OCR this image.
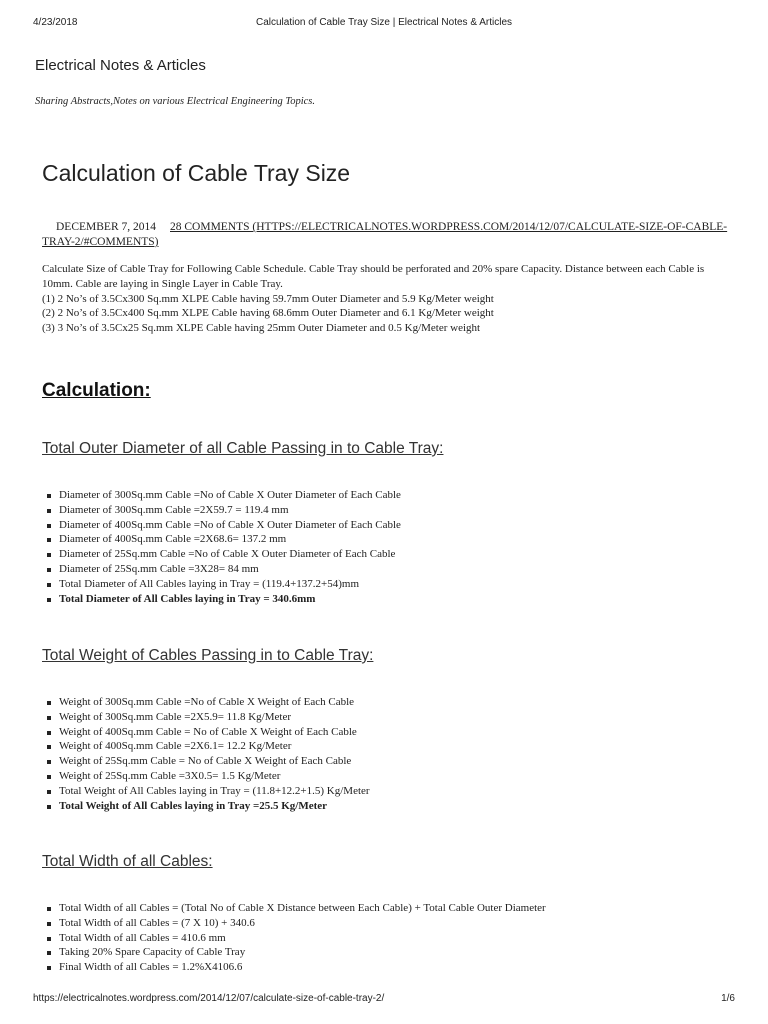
4/23/2018	Calculation of Cable Tray Size | Electrical Notes & Articles
Electrical Notes & Articles
Sharing Abstracts,Notes on various Electrical Engineering Topics.
Calculation of Cable Tray Size
DECEMBER 7, 2014 28 COMMENTS (HTTPS://ELECTRICALNOTES.WORDPRESS.COM/2014/12/07/CALCULATE-SIZE-OF-CABLE-TRAY-2/#COMMENTS)

Calculate Size of Cable Tray for Following Cable Schedule. Cable Tray should be perforated and 20% spare Capacity. Distance between each Cable is 10mm. Cable are laying in Single Layer in Cable Tray.

(1) 2 No’s of 3.5Cx300 Sq.mm XLPE Cable having 59.7mm Outer Diameter and 5.9 Kg/Meter weight

(2) 2 No’s of 3.5Cx400 Sq.mm XLPE Cable having 68.6mm Outer Diameter and 6.1 Kg/Meter weight

(3) 3 No’s of 3.5Cx25 Sq.mm XLPE Cable having 25mm Outer Diameter and 0.5 Kg/Meter weight

Calculation:
Total Outer Diameter of all Cable Passing in to Cable Tray:
Diameter of 300Sq.mm Cable =No of Cable X Outer Diameter of Each Cable
Diameter of 300Sq.mm Cable =2X59.7 = 119.4 mm
Diameter of 400Sq.mm Cable =No of Cable X Outer Diameter of Each Cable
Diameter of 400Sq.mm Cable =2X68.6= 137.2 mm
Diameter of 25Sq.mm Cable =No of Cable X Outer Diameter of Each Cable
Diameter of 25Sq.mm Cable =3X28= 84 mm
Total Diameter of All Cables laying in Tray = (119.4+137.2+54)mm
Total Diameter of All Cables laying in Tray = 340.6mm
Total Weight of Cables Passing in to Cable Tray:
Weight of 300Sq.mm Cable =No of Cable X Weight of Each Cable
Weight of 300Sq.mm Cable =2X5.9= 11.8 Kg/Meter
Weight of 400Sq.mm Cable = No of Cable X Weight of Each Cable
Weight of 400Sq.mm Cable =2X6.1= 12.2 Kg/Meter
Weight of 25Sq.mm Cable = No of Cable X Weight of Each Cable
Weight of 25Sq.mm Cable =3X0.5= 1.5 Kg/Meter
Total Weight of All Cables laying in Tray = (11.8+12.2+1.5) Kg/Meter
Total Weight of All Cables laying in Tray =25.5 Kg/Meter
Total Width of all Cables:
Total Width of all Cables = (Total No of Cable X Distance between Each Cable) + Total Cable Outer Diameter
Total Width of all Cables = (7 X 10) + 340.6
Total Width of all Cables = 410.6 mm
Taking 20% Spare Capacity of Cable Tray
Final Width of all Cables = 1.2%X4106.6
https://electricalnotes.wordpress.com/2014/12/07/calculate-size-of-cable-tray-2/	1/6
